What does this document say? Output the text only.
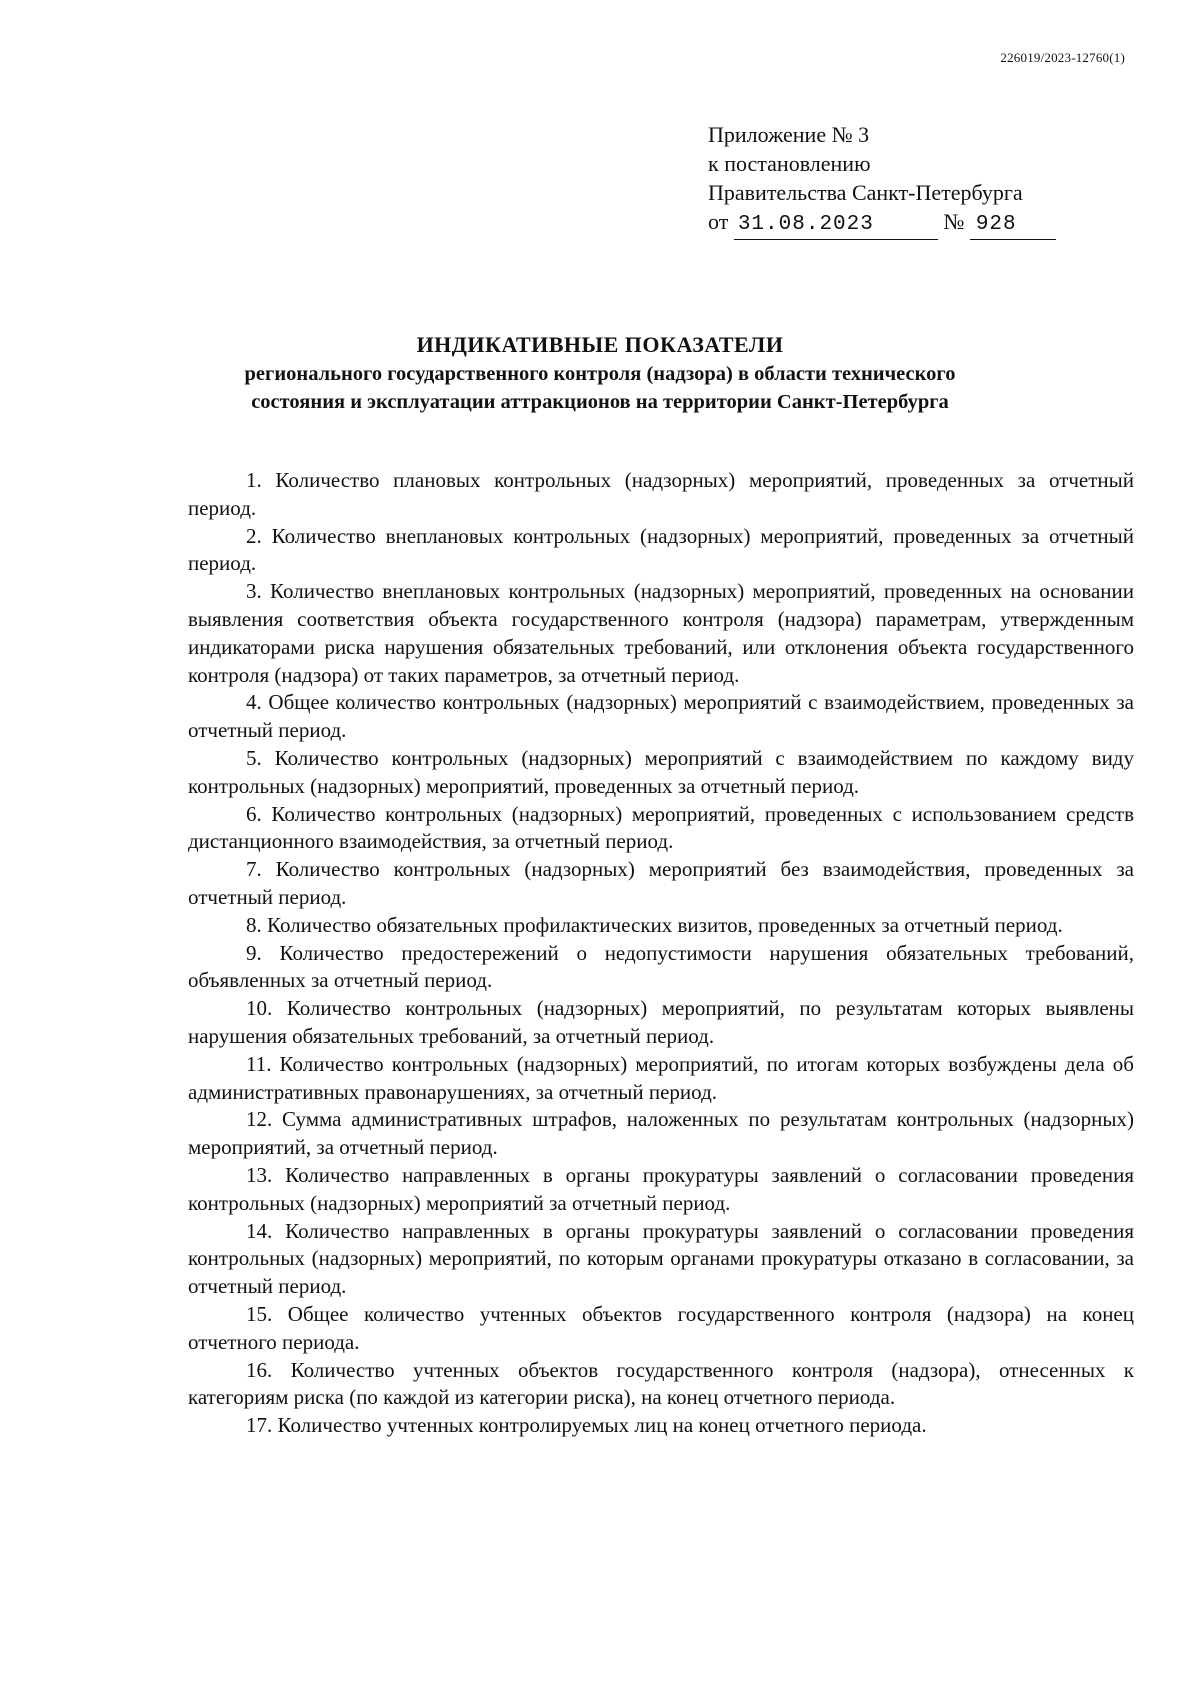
226019/2023-12760(1)
Приложение № 3
к постановлению
Правительства Санкт-Петербурга
от 31.08.2023	№ 928
ИНДИКАТИВНЫЕ ПОКАЗАТЕЛИ
регионального государственного контроля (надзора) в области технического
состояния и эксплуатации аттракционов на территории Санкт-Петербурга
1. Количество плановых контрольных (надзорных) мероприятий, проведенных за отчетный период.
2. Количество внеплановых контрольных (надзорных) мероприятий, проведенных за отчетный период.
3. Количество внеплановых контрольных (надзорных) мероприятий, проведенных на основании выявления соответствия объекта государственного контроля (надзора) параметрам, утвержденным индикаторами риска нарушения обязательных требований, или отклонения объекта государственного контроля (надзора) от таких параметров, за отчетный период.
4. Общее количество контрольных (надзорных) мероприятий с взаимодействием, проведенных за отчетный период.
5. Количество контрольных (надзорных) мероприятий с взаимодействием по каждому виду контрольных (надзорных) мероприятий, проведенных за отчетный период.
6. Количество контрольных (надзорных) мероприятий, проведенных с использованием средств дистанционного взаимодействия, за отчетный период.
7. Количество контрольных (надзорных) мероприятий без взаимодействия, проведенных за отчетный период.
8. Количество обязательных профилактических визитов, проведенных за отчетный период.
9. Количество предостережений о недопустимости нарушения обязательных требований, объявленных за отчетный период.
10. Количество контрольных (надзорных) мероприятий, по результатам которых выявлены нарушения обязательных требований, за отчетный период.
11. Количество контрольных (надзорных) мероприятий, по итогам которых возбуждены дела об административных правонарушениях, за отчетный период.
12. Сумма административных штрафов, наложенных по результатам контрольных (надзорных) мероприятий, за отчетный период.
13. Количество направленных в органы прокуратуры заявлений о согласовании проведения контрольных (надзорных) мероприятий за отчетный период.
14. Количество направленных в органы прокуратуры заявлений о согласовании проведения контрольных (надзорных) мероприятий, по которым органами прокуратуры отказано в согласовании, за отчетный период.
15. Общее количество учтенных объектов государственного контроля (надзора) на конец отчетного периода.
16. Количество учтенных объектов государственного контроля (надзора), отнесенных к категориям риска (по каждой из категории риска), на конец отчетного периода.
17. Количество учтенных контролируемых лиц на конец отчетного периода.
